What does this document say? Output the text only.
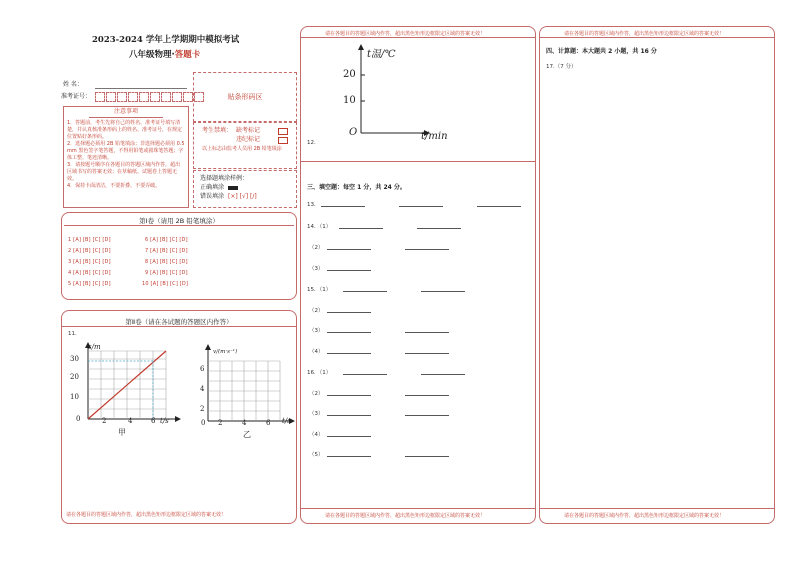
2023-2024 学年上学期期中模拟考试
八年级物理·答题卡
姓 名：
准考证号：	贴条形码区
注意事项
1．答题前，考生先将自己的姓名、准考证号填写清楚，并认真核准条形码上的姓名、准考证号，在规定位置贴好条形码。
2．选择题必须用 2B 铅笔填涂；非选择题必须用 0.5 mm 黑色签字笔答题，不得用铅笔或圆珠笔答题；字体工整、笔迹清晰。
3．请按题号顺序在各题目的答题区域内作答，超出区域书写的答案无效；在草稿纸、试题卷上答题无效。
4．保持卡面清洁，不要折叠、不要弄破。
考生禁填： 缺考标记
违纪标记
以上标志由监考人员用 2B 铅笔填涂
选择题填涂样例：
正确填涂
错误填涂 [×] [√] [/]
第Ⅰ卷（请用 2B 铅笔填涂）
1 [A] [B] [C] [D]
2 [A] [B] [C] [D]
3 [A] [B] [C] [D]
4 [A] [B] [C] [D]
5 [A] [B] [C] [D]
6 [A] [B] [C] [D]
7 [A] [B] [C] [D]
8 [A] [B] [C] [D]
9 [A] [B] [C] [D]
10 [A] [B] [C] [D]
第Ⅱ卷（请在各试题的答题区内作答）
11．
s/m
10
20
30
0	2	4	6 t/s
甲
v/(m·s⁻¹)
2
4
6
0 2	4	6 t/s
乙
请在各题目的答题区域内作答，超出黑色矩形边框限定区域的答案无效！
请在各题目的答题区域内作答，超出黑色矩形边框限定区域的答案无效！
t温/℃
10
20
O	t/min
12.
三、填空题：每空 1 分，共 24 分。
13．
14．（1）
（2）
（3）
15．（1）
（2）
（3）
（4）
16．（1）
（2）
（3）
（4）
（5）
请在各题目的答题区域内作答，超出黑色矩形边框限定区域的答案无效！
请在各题目的答题区域内作答，超出黑色矩形边框限定区域的答案无效！
四、计算题：本大题共 2 小题，共 16 分
17.（7 分）
请在各题目的答题区域内作答，超出黑色矩形边框限定区域的答案无效！
